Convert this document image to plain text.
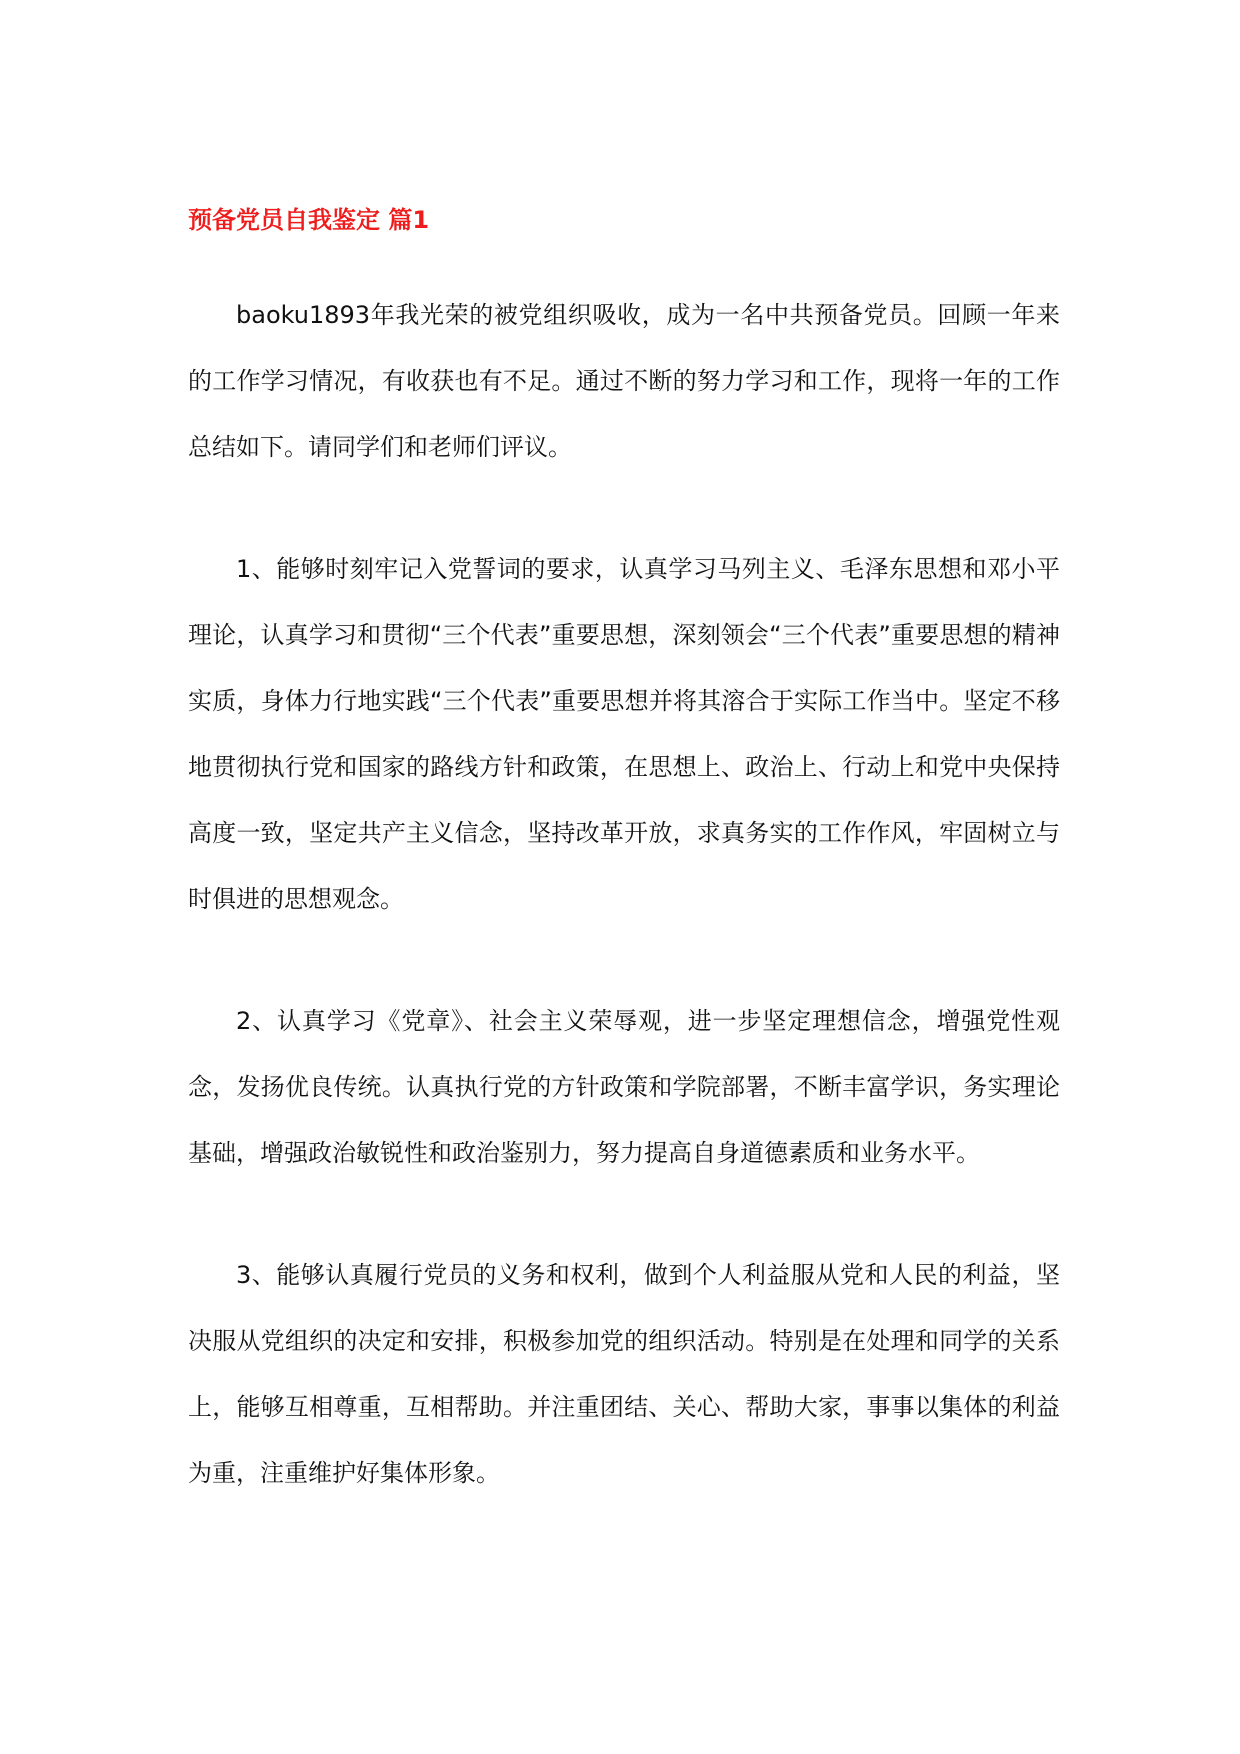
预备党员自我鉴定 篇1

baoku1893年我光荣的被党组织吸收，成为一名中共预备党员。回顾一年来的工作学习情况，有收获也有不足。通过不断的努力学习和工作，现将一年的工作总结如下。请同学们和老师们评议。

1、能够时刻牢记入党誓词的要求，认真学习马列主义、毛泽东思想和邓小平理论，认真学习和贯彻“三个代表”重要思想，深刻领会“三个代表”重要思想的精神实质，身体力行地实践“三个代表”重要思想并将其溶合于实际工作当中。坚定不移地贯彻执行党和国家的路线方针和政策，在思想上、政治上、行动上和党中央保持高度一致，坚定共产主义信念，坚持改革开放，求真务实的工作作风，牢固树立与时俱进的思想观念。

2、认真学习《党章》、社会主义荣辱观，进一步坚定理想信念，增强党性观念，发扬优良传统。认真执行党的方针政策和学院部署，不断丰富学识，务实理论基础，增强政治敏锐性和政治鉴别力，努力提高自身道德素质和业务水平。

3、能够认真履行党员的义务和权利，做到个人利益服从党和人民的利益，坚决服从党组织的决定和安排，积极参加党的组织活动。特别是在处理和同学的关系上，能够互相尊重，互相帮助。并注重团结、关心、帮助大家，事事以集体的利益为重，注重维护好集体形象。
